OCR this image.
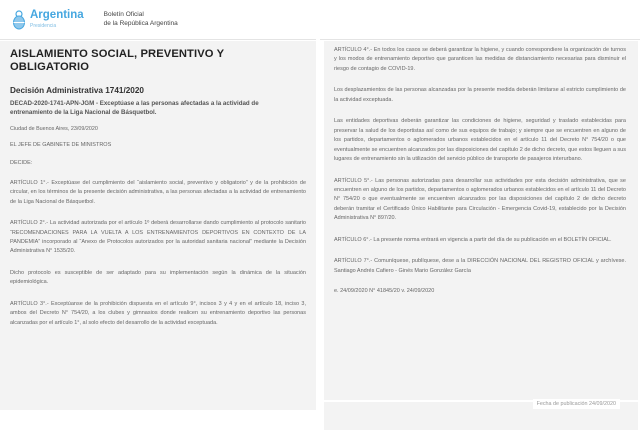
Argentina
Presidencia
Boletín Oficial
de la República Argentina
AISLAMIENTO SOCIAL, PREVENTIVO Y OBLIGATORIO
Decisión Administrativa 1741/2020
DECAD-2020-1741-APN-JGM - Exceptúase a las personas afectadas a la actividad de entrenamiento de la Liga Nacional de Básquetbol.
Ciudad de Buenos Aires, 23/09/2020
EL JEFE DE GABINETE DE MINISTROS
DECIDE:
ARTÍCULO 1°.- Exceptúase del cumplimiento del “aislamiento social, preventivo y obligatorio” y de la prohibición de circular, en los términos de la presente decisión administrativa, a las personas afectadas a la actividad de entrenamiento de la Liga Nacional de Básquetbol.
ARTÍCULO 2°.- La actividad autorizada por el artículo 1º deberá desarrollarse dando cumplimiento al protocolo sanitario “RECOMENDACIONES PARA LA VUELTA A LOS ENTRENAMIENTOS DEPORTIVOS EN CONTEXTO DE LA PANDEMIA” incorporado al “Anexo de Protocolos autorizados por la autoridad sanitaria nacional” mediante la Decisión Administrativa N° 1535/20.
Dicho protocolo es susceptible de ser adaptado para su implementación según la dinámica de la situación epidemiológica.
ARTÍCULO 3°.- Exceptúanse de la prohibición dispuesta en el artículo 9°, incisos 3 y 4 y en el artículo 18, inciso 3, ambos del Decreto N° 754/20, a los clubes y gimnasios donde realicen su entrenamiento deportivo las personas alcanzadas por el artículo 1°, al solo efecto del desarrollo de la actividad exceptuada.
ARTÍCULO 4°.- En todos los casos se deberá garantizar la higiene, y cuando correspondiere la organización de turnos y los modos de entrenamiento deportivo que garanticen las medidas de distanciamiento necesarias para disminuir el riesgo de contagio de COVID-19.
Los desplazamientos de las personas alcanzadas por la presente medida deberán limitarse al estricto cumplimiento de la actividad exceptuada.
Las entidades deportivas deberán garantizar las condiciones de higiene, seguridad y traslado establecidas para preservar la salud de los deportistas así como de sus equipos de trabajo; y siempre que se encuentren en alguno de los partidos, departamentos o aglomerados urbanos establecidos en el artículo 11 del Decreto N° 754/20 o que eventualmente se encuentren alcanzados por las disposiciones del capítulo 2 de dicho decreto, que estos lleguen a sus lugares de entrenamiento sin la utilización del servicio público de transporte de pasajeros interurbano.
ARTÍCULO 5°.- Las personas autorizadas para desarrollar sus actividades por esta decisión administrativa, que se encuentren en alguno de los partidos, departamentos o aglomerados urbanos establecidos en el artículo 11 del Decreto N° 754/20 o que eventualmente se encuentren alcanzados por las disposiciones del capítulo 2 de dicho decreto deberán tramitar el Certificado Único Habilitante para Circulación - Emergencia Covid-19, establecido por la Decisión Administrativa N° 897/20.
ARTÍCULO 6°.- La presente norma entrará en vigencia a partir del día de su publicación en el BOLETÍN OFICIAL.
ARTÍCULO 7°.- Comuníquese, publíquese, dese a la DIRECCIÓN NACIONAL DEL REGISTRO OFICIAL y archívese. Santiago Andrés Cafiero - Ginés Mario González García
e. 24/09/2020 N° 41845/20 v. 24/09/2020
Fecha de publicación 24/09/2020
